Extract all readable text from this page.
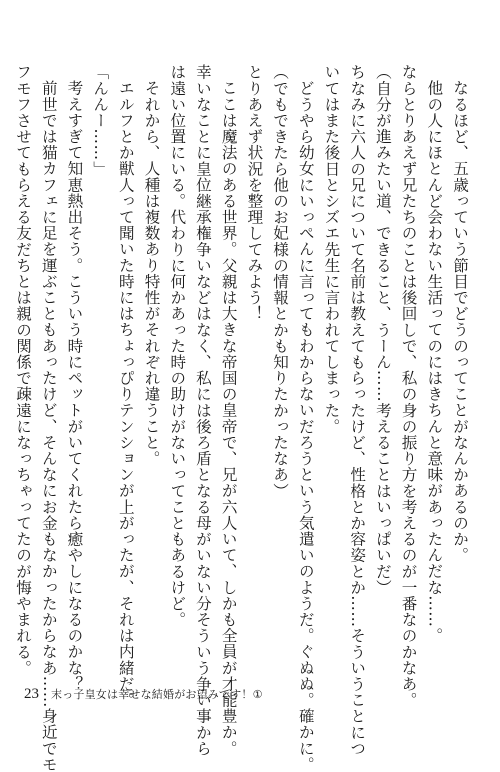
なるほど、五歳っていう節目でどうのってことがなんかあるのか。

他の人にほとんど会わない生活ってのにはきちんと意味があったんだな……。

ならとりあえず兄たちのことは後回しで、私の身の振り方を考えるのが一番なのかなあ。

（自分が進みたい道、できること、うーん……考えることはいっぱいだ）

ちなみに六人の兄について名前は教えてもらったけど、性格とか容姿とか……そういうことにつ

いてはまた後日とシズエ先生に言われてしまった。

どうやら幼女にいっぺんに言ってもわからないだろうという気遣いのようだ。ぐぬぬ。確かに。

（でもできたら他のお妃様の情報とかも知りたかったなあ）

とりあえず状況を整理してみよう！

ここは魔法のある世界。父親は大きな帝国の皇帝で、兄が六人いて、しかも全員が才能豊か。

幸いなことに皇位継承権争いなどはなく、私には後ろ盾となる母がいない分そういう争い事から

は遠い位置にいる。代わりに何かあった時の助けがないってこともあるけど。

それから、人種は複数あり特性がそれぞれ違うこと。

エルフとか獣人って聞いた時にはちょっぴりテンションが上がったが、それは内緒だ。

「んんー……」

考えすぎて知恵熱出そう。こういう時にペットがいてくれたら癒やしになるのかな？

前世では猫カフェに足を運ぶこともあったけど、そんなにお金もなかったからなあ……身近でモ

フモフさせてもらえる友だちとは親の関係で疎遠になっちゃってたのが悔やまれる。

23 末っ子皇女は幸せな結婚がお望みです！①
